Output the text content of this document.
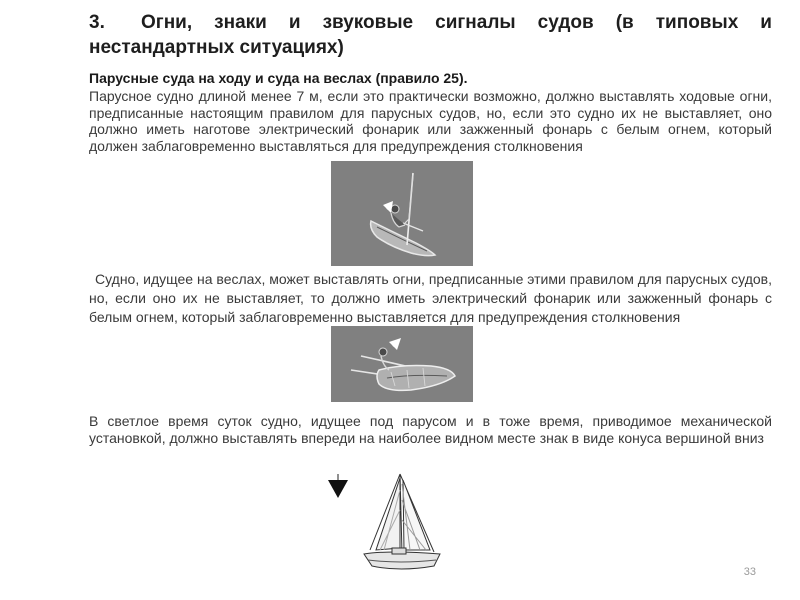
3. Огни, знаки и звуковые сигналы судов (в типовых и нестандартных ситуациях)
Парусные суда на ходу и суда на веслах (правило 25).
Парусное судно длиной менее 7 м, если это практически возможно, должно выставлять ходовые огни, предписанные настоящим правилом для парусных судов, но, если это судно их не выставляет, оно должно иметь наготове электрический фонарик или зажженный фонарь с белым огнем, который должен заблаговременно выставляться для предупреждения столкновения
Судно, идущее на веслах, может выставлять огни, предписанные этими правилом для парусных судов, но, если оно их не выставляет, то должно иметь электрический фонарик или зажженный фонарь с белым огнем, который заблаговременно выставляется для предупреждения столкновения
В светлое время суток судно, идущее под парусом и в тоже время, приводимое механической установкой, должно выставлять впереди на наиболее видном месте знак в виде конуса вершиной вниз
33
